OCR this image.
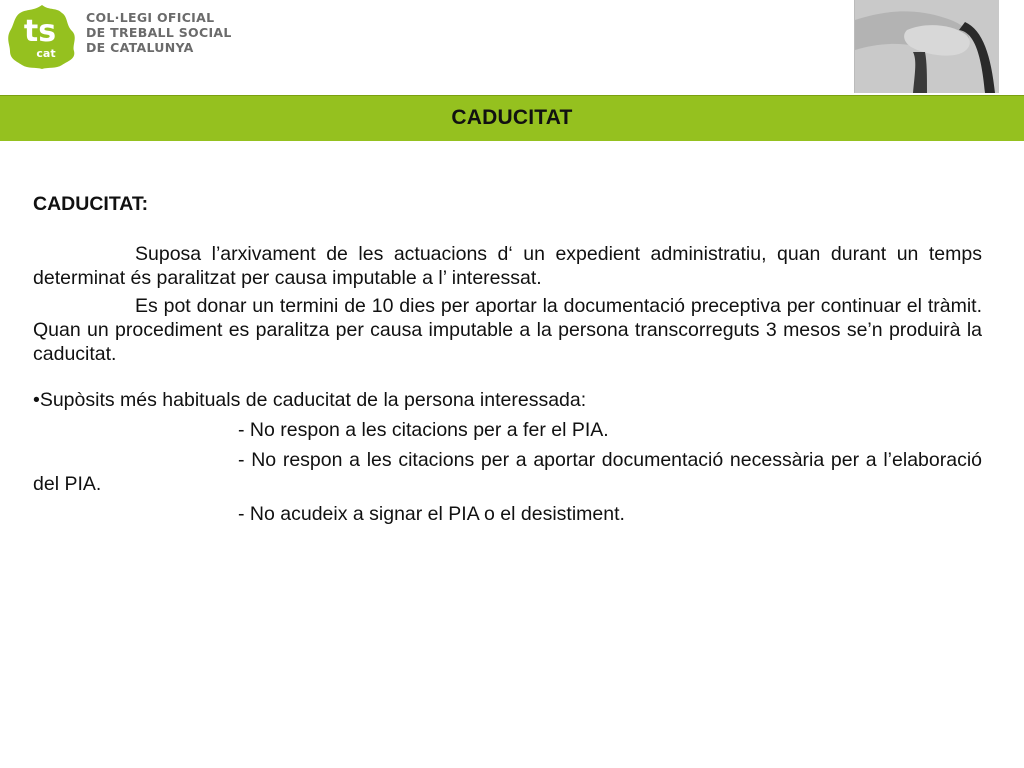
ts
cat
COL·LEGI OFICIAL
DE TREBALL SOCIAL
DE CATALUNYA
CADUCITAT
CADUCITAT:

Suposa l’arxivament de les actuacions d‘ un expedient administratiu, quan durant un temps determinat és paralitzat per causa imputable a l’ interessat.

Es pot donar un termini de 10 dies per aportar la documentació preceptiva per continuar el tràmit. Quan un procediment es paralitza per causa imputable a la persona transcorreguts 3 mesos se’n produirà la caducitat.

•Supòsits més habituals de caducitat de la persona interessada:

- No respon a les citacions per a fer el PIA.

- No respon a les citacions per a aportar documentació necessària per a l’elaboració del PIA.

- No acudeix a signar el PIA o el desistiment.
